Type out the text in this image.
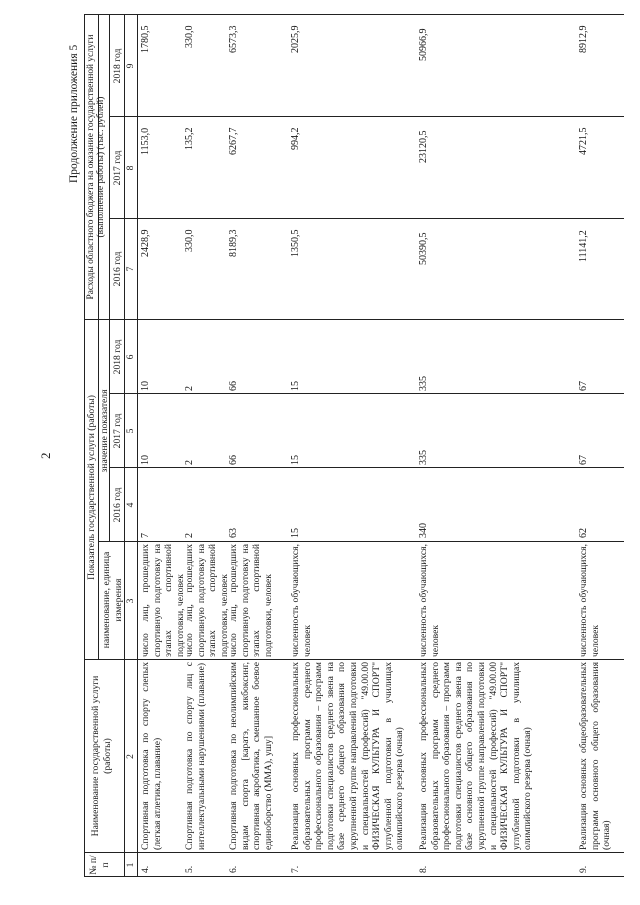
2
Продолжение приложения 5
№ п/п
Наименование государственной услуги (работы)
Показатель государственной услуги (работы)
наименование, единица измерения
значение показателя
Расходы областного бюджета на оказание государственной услуги (выполнение работы) (тыс. рублей)
2016 год
2017 год
2018 год
2016 год
2017 год
2018 год
1
2
3
4
5
6
7
8
9
4.
Спортивная подготовка по спорту слепых (легкая атлетика, плавание)
число лиц, прошедших спортивную подготовку на этапах спортивной подготовки, человек
7
10
10
2428,9
1153,0
1780,5
5.
Спортивная подготовка по спорту лиц с интеллектуальными нарушениями (плавание)
число лиц, прошедших спортивную подготовку на этапах спортивной подготовки, человек
2
2
2
330,0
135,2
330,0
6.
Спортивная подготовка по неолимпийским видам спорта [каратэ, кикбоксинг, спортивная акробатика, смешанное боевое единоборство (ММА), ушу]
число лиц, прошедших спортивную подготовку на этапах спортивной подготовки, человек
63
66
66
8189,3
6267,7
6573,3
7.
Реализация основных профессиональных образовательных программ среднего профессионального образования – программ подготовки специалистов среднего звена на базе среднего общего образования по укрупненной группе направлений подготовки и специальностей (профессий) "49.00.00 ФИЗИЧЕСКАЯ КУЛЬТУРА И СПОРТ" углубленной подготовки в училищах олимпийского резерва (очная)
численность обучающихся, человек
15
15
15
1350,5
994,2
2025,9
8.
Реализация основных профессиональных образовательных программ среднего профессионального образования – программ подготовки специалистов среднего звена на базе основного общего образования по укрупненной группе направлений подготовки и специальностей (профессий) "49.00.00 ФИЗИЧЕСКАЯ КУЛЬТУРА И СПОРТ" углубленной подготовки в училищах олимпийского резерва (очная)
численность обучающихся, человек
340
335
335
50390,5
23120,5
50966,9
9.
Реализация основных общеобразовательных программ основного общего образования (очная)
численность обучающихся, человек
62
67
67
11141,2
4721,5
8912,9
